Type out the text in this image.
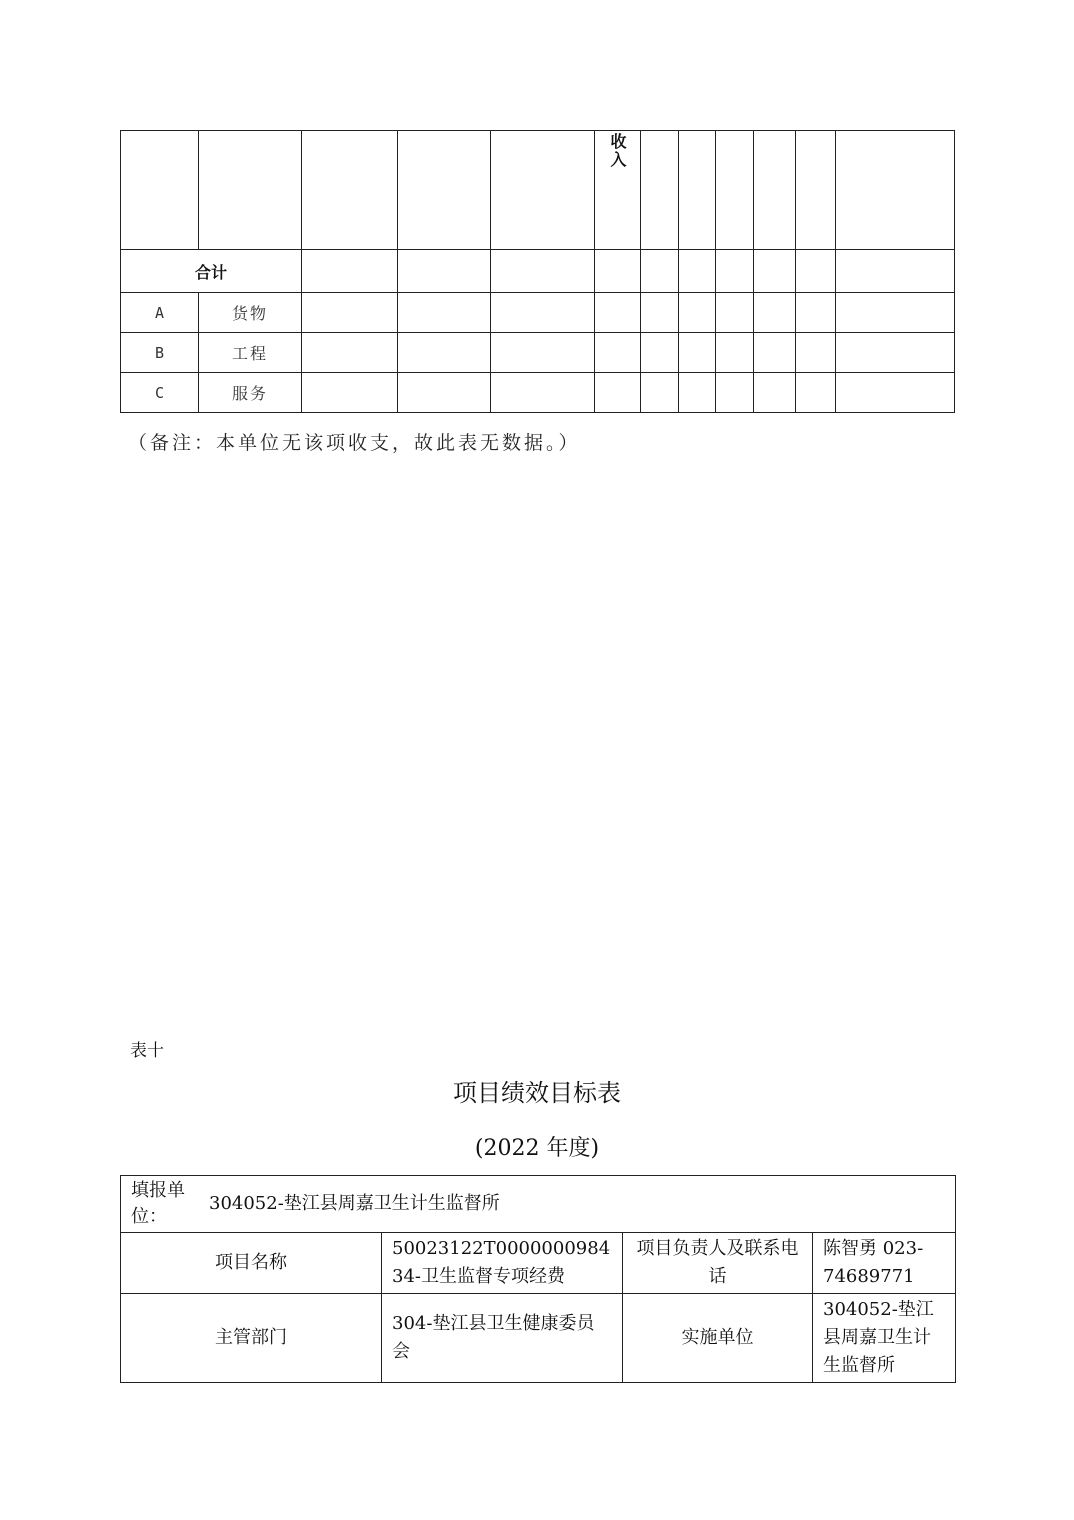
					收入						

合计											
A	货物										
B	工程										
C	服务										
（备注：本单位无该项收支，故此表无数据。）
表十
项目绩效目标表
(2022 年度)
填报单位：304052-垫江县周嘉卫生计生监督所			
项目名称	50023122T000000098434-卫生监督专项经费	项目负责人及联系电话	陈智勇 023-74689771
主管部门	304-垫江县卫生健康委员会	实施单位	304052-垫江县周嘉卫生计生监督所
